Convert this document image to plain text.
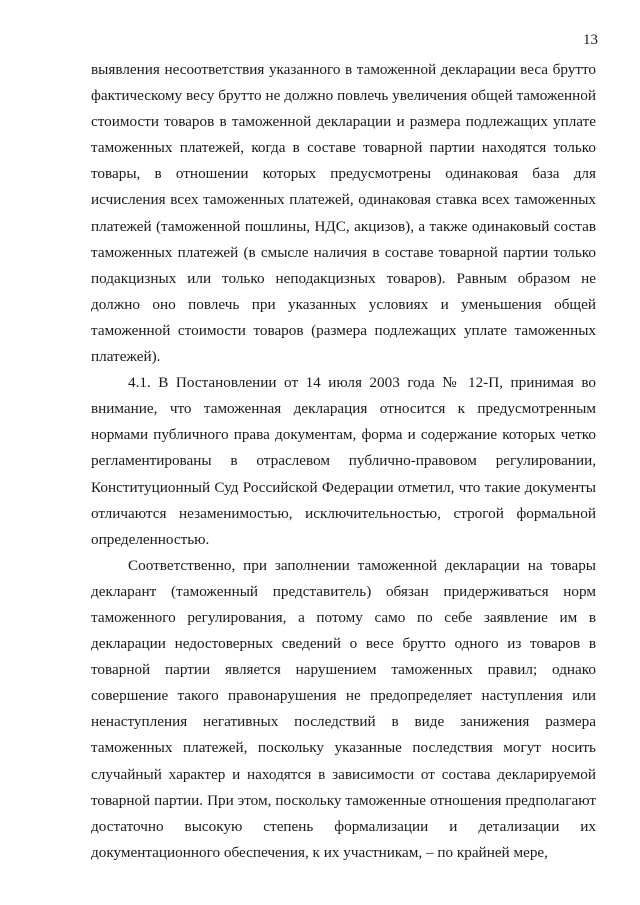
13

выявления несоответствия указанного в таможенной декларации веса брутто фактическому весу брутто не должно повлечь увеличения общей таможенной стоимости товаров в таможенной декларации и размера подлежащих уплате таможенных платежей, когда в составе товарной партии находятся только товары, в отношении которых предусмотрены одинаковая база для исчисления всех таможенных платежей, одинаковая ставка всех таможенных платежей (таможенной пошлины, НДС, акцизов), а также одинаковый состав таможенных платежей (в смысле наличия в составе товарной партии только подакцизных или только неподакцизных товаров). Равным образом не должно оно повлечь при указанных условиях и уменьшения общей таможенной стоимости товаров (размера подлежащих уплате таможенных платежей).

4.1. В Постановлении от 14 июля 2003 года № 12-П, принимая во внимание, что таможенная декларация относится к предусмотренным нормами публичного права документам, форма и содержание которых четко регламентированы в отраслевом публично-правовом регулировании, Конституционный Суд Российской Федерации отметил, что такие документы отличаются незаменимостью, исключительностью, строгой формальной определенностью.

Соответственно, при заполнении таможенной декларации на товары декларант (таможенный представитель) обязан придерживаться норм таможенного регулирования, а потому само по себе заявление им в декларации недостоверных сведений о весе брутто одного из товаров в товарной партии является нарушением таможенных правил; однако совершение такого правонарушения не предопределяет наступления или ненаступления негативных последствий в виде занижения размера таможенных платежей, поскольку указанные последствия могут носить случайный характер и находятся в зависимости от состава декларируемой товарной партии. При этом, поскольку таможенные отношения предполагают достаточно высокую степень формализации и детализации их документационного обеспечения, к их участникам, – по крайней мере,
